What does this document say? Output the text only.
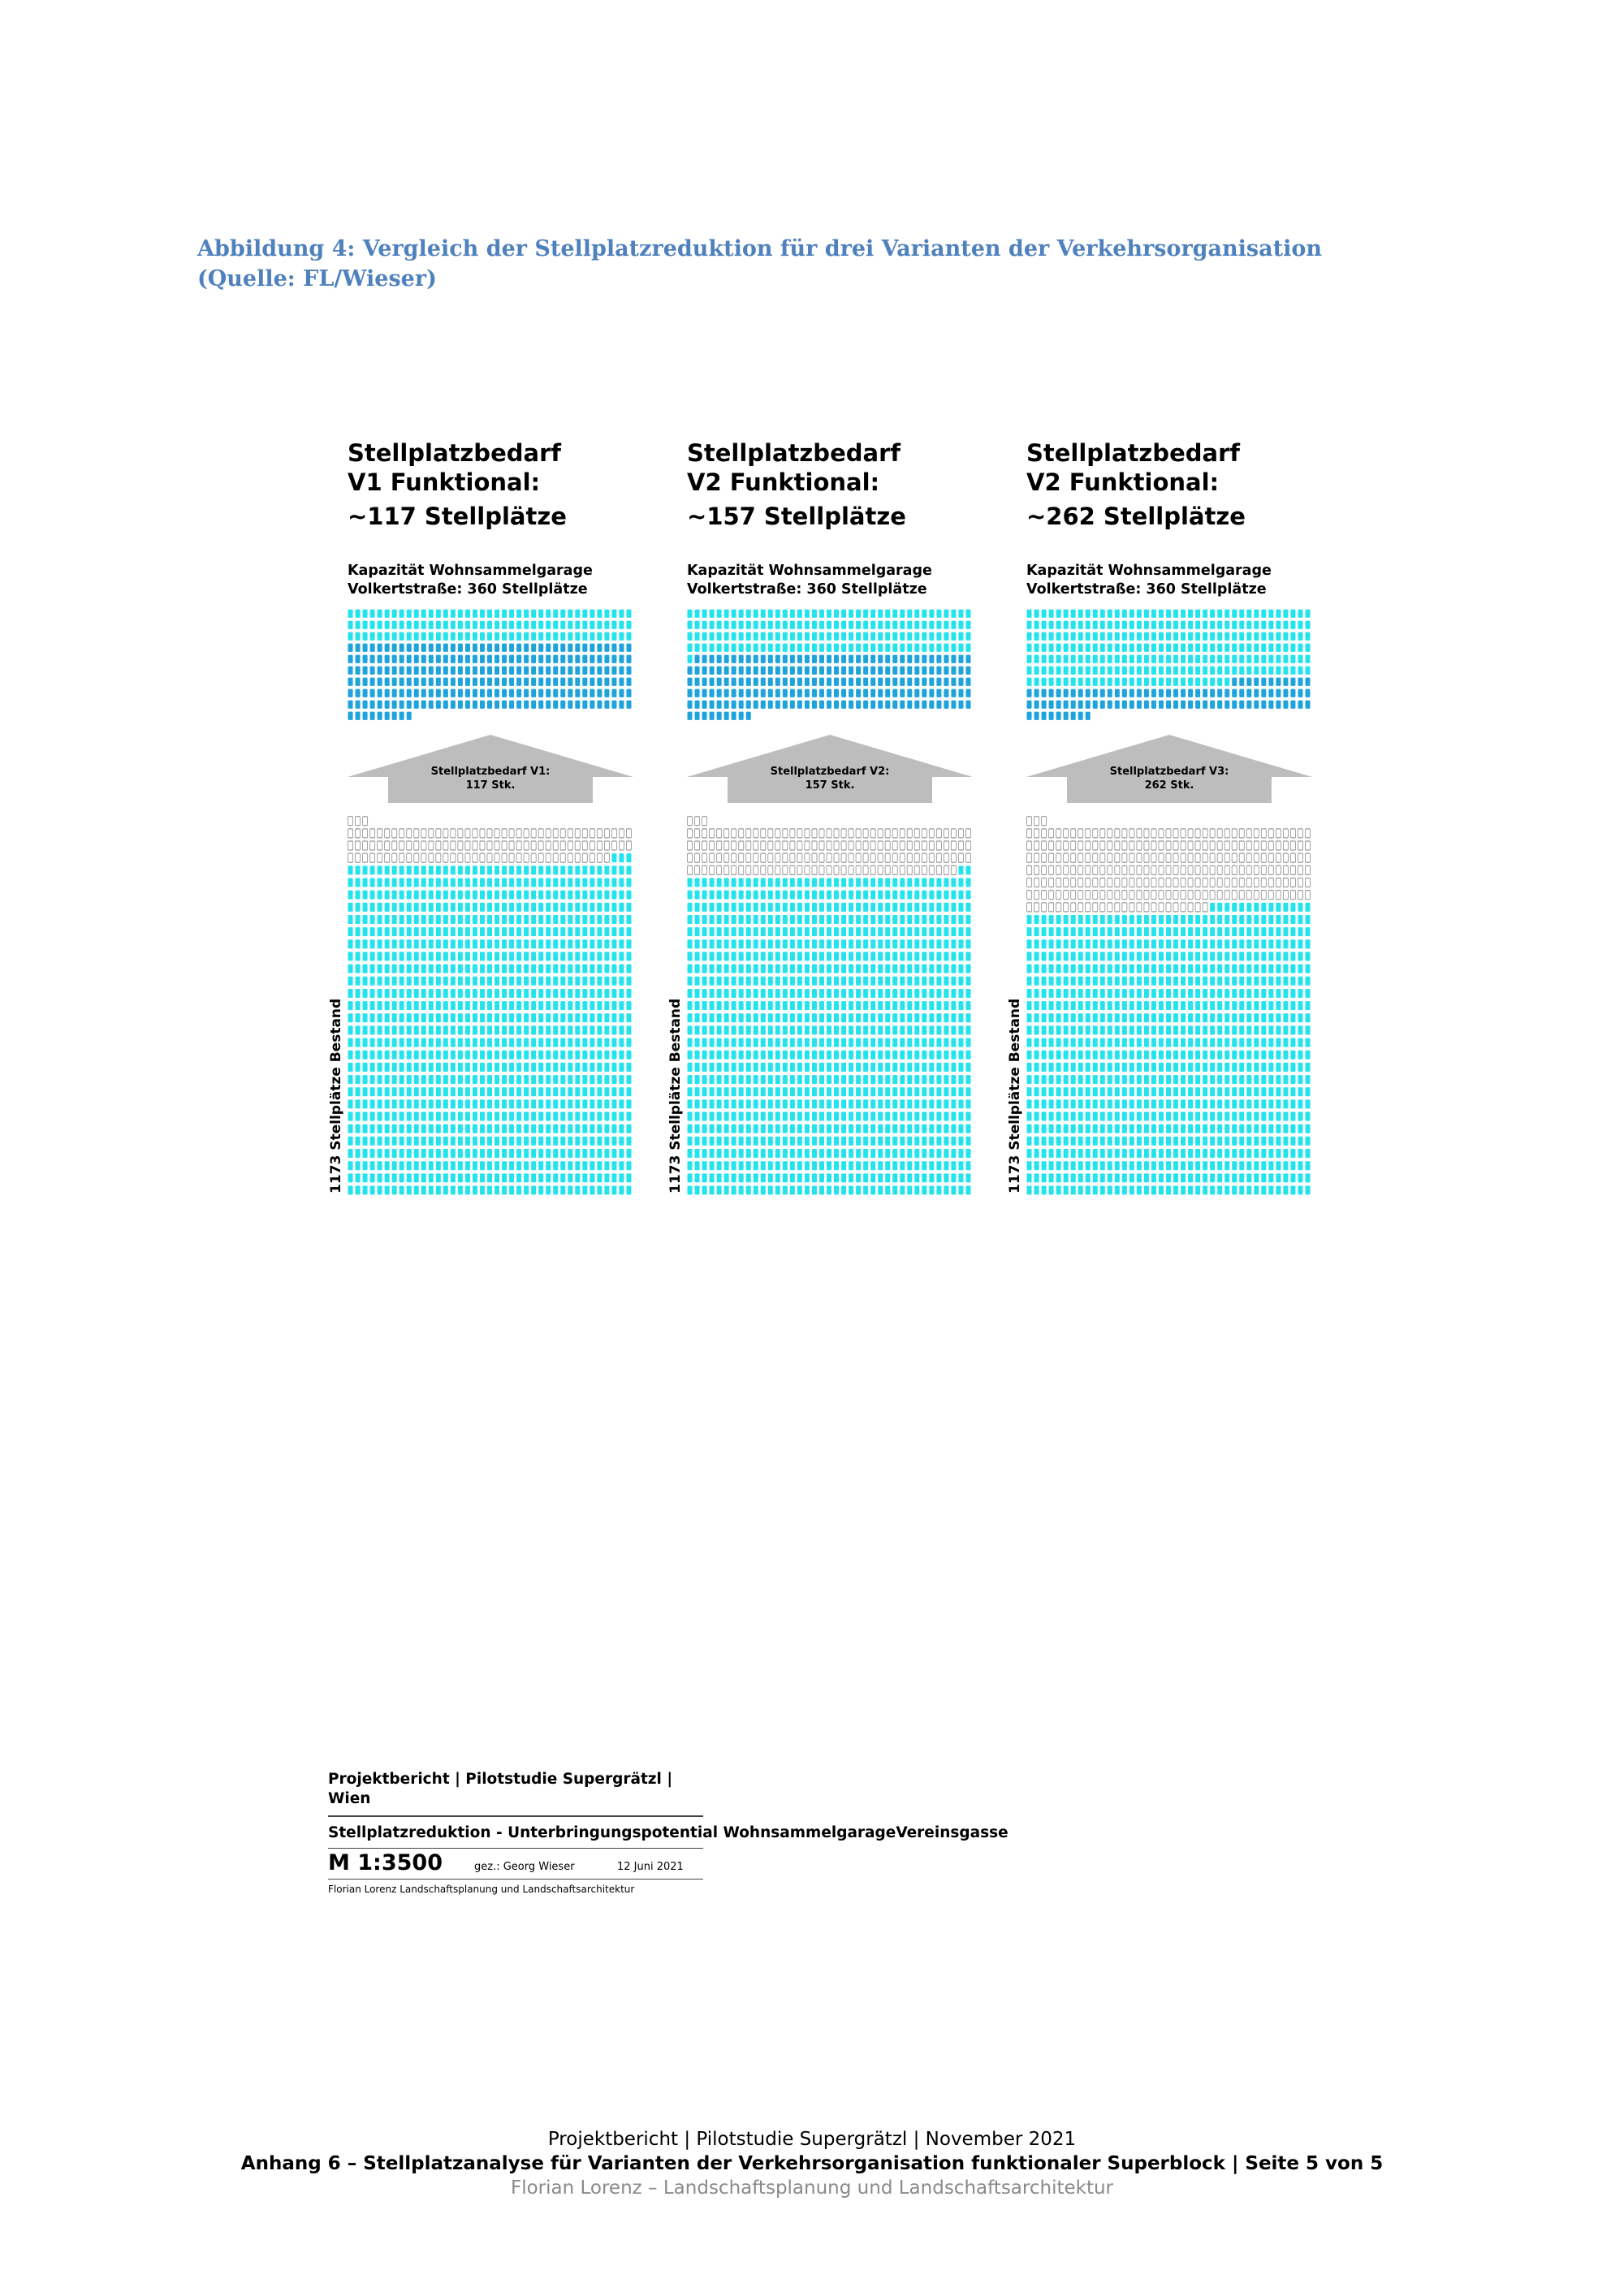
Abbildung 4: Vergleich der Stellplatzreduktion für drei Varianten der Verkehrsorganisation (Quelle: FL/Wieser)
Stellplatzbedarf
V1 Funktional:
~117 Stellplätze
Kapazität Wohnsammelgarage
Volkertstraße: 360 Stellplätze
Stellplatzbedarf V1:
117 Stk.
1173 Stellplätze Bestand
Stellplatzbedarf
V2 Funktional:
~157 Stellplätze
Kapazität Wohnsammelgarage
Volkertstraße: 360 Stellplätze
Stellplatzbedarf V2:
157 Stk.
1173 Stellplätze Bestand
Stellplatzbedarf
V2 Funktional:
~262 Stellplätze
Kapazität Wohnsammelgarage
Volkertstraße: 360 Stellplätze
Stellplatzbedarf V3:
262 Stk.
1173 Stellplätze Bestand
Projektbericht | Pilotstudie Supergrätzl | Wien
Stellplatzreduktion - Unterbringungspotential WohnsammelgarageVereinsgasse
M 1:3500	gez.: Georg Wieser	12 Juni 2021
Florian Lorenz Landschaftsplanung und Landschaftsarchitektur
Projektbericht | Pilotstudie Supergrätzl | November 2021
Anhang 6 – Stellplatzanalyse für Varianten der Verkehrsorganisation funktionaler Superblock | Seite 5 von 5
Florian Lorenz – Landschaftsplanung und Landschaftsarchitektur
